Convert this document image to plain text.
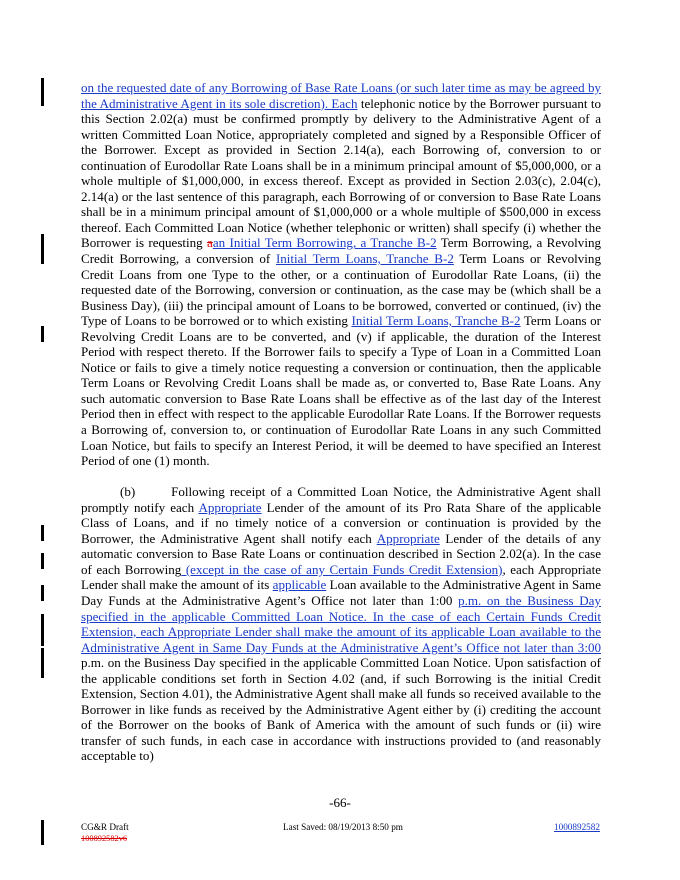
on the requested date of any Borrowing of Base Rate Loans (or such later time as may be agreed by the Administrative Agent in its sole discretion). Each telephonic notice by the Borrower pursuant to this Section 2.02(a) must be confirmed promptly by delivery to the Administrative Agent of a written Committed Loan Notice, appropriately completed and signed by a Responsible Officer of the Borrower. Except as provided in Section 2.14(a), each Borrowing of, conversion to or continuation of Eurodollar Rate Loans shall be in a minimum principal amount of $5,000,000, or a whole multiple of $1,000,000, in excess thereof. Except as provided in Section 2.03(c), 2.04(c), 2.14(a) or the last sentence of this paragraph, each Borrowing of or conversion to Base Rate Loans shall be in a minimum principal amount of $1,000,000 or a whole multiple of $500,000 in excess thereof. Each Committed Loan Notice (whether telephonic or written) shall specify (i) whether the Borrower is requesting aan Initial Term Borrowing, a Tranche B-2 Term Borrowing, a Revolving Credit Borrowing, a conversion of Initial Term Loans, Tranche B-2 Term Loans or Revolving Credit Loans from one Type to the other, or a continuation of Eurodollar Rate Loans, (ii) the requested date of the Borrowing, conversion or continuation, as the case may be (which shall be a Business Day), (iii) the principal amount of Loans to be borrowed, converted or continued, (iv) the Type of Loans to be borrowed or to which existing Initial Term Loans, Tranche B-2 Term Loans or Revolving Credit Loans are to be converted, and (v) if applicable, the duration of the Interest Period with respect thereto. If the Borrower fails to specify a Type of Loan in a Committed Loan Notice or fails to give a timely notice requesting a conversion or continuation, then the applicable Term Loans or Revolving Credit Loans shall be made as, or converted to, Base Rate Loans. Any such automatic conversion to Base Rate Loans shall be effective as of the last day of the Interest Period then in effect with respect to the applicable Eurodollar Rate Loans. If the Borrower requests a Borrowing of, conversion to, or continuation of Eurodollar Rate Loans in any such Committed Loan Notice, but fails to specify an Interest Period, it will be deemed to have specified an Interest Period of one (1) month.

(b)       Following receipt of a Committed Loan Notice, the Administrative Agent shall promptly notify each Appropriate Lender of the amount of its Pro Rata Share of the applicable Class of Loans, and if no timely notice of a conversion or continuation is provided by the Borrower, the Administrative Agent shall notify each Appropriate Lender of the details of any automatic conversion to Base Rate Loans or continuation described in Section 2.02(a). In the case of each Borrowing (except in the case of any Certain Funds Credit Extension), each Appropriate Lender shall make the amount of its applicable Loan available to the Administrative Agent in Same Day Funds at the Administrative Agent’s Office not later than 1:00 p.m. on the Business Day specified in the applicable Committed Loan Notice. In the case of each Certain Funds Credit Extension, each Appropriate Lender shall make the amount of its applicable Loan available to the Administrative Agent in Same Day Funds at the Administrative Agent’s Office not later than 3:00 p.m. on the Business Day specified in the applicable Committed Loan Notice. Upon satisfaction of the applicable conditions set forth in Section 4.02 (and, if such Borrowing is the initial Credit Extension, Section 4.01), the Administrative Agent shall make all funds so received available to the Borrower in like funds as received by the Administrative Agent either by (i) crediting the account of the Borrower on the books of Bank of America with the amount of such funds or (ii) wire transfer of such funds, in each case in accordance with instructions provided to (and reasonably acceptable to)

-66-
CG&R Draft
100892582v6
Last Saved: 08/19/2013 8:50 pm	1000892582
